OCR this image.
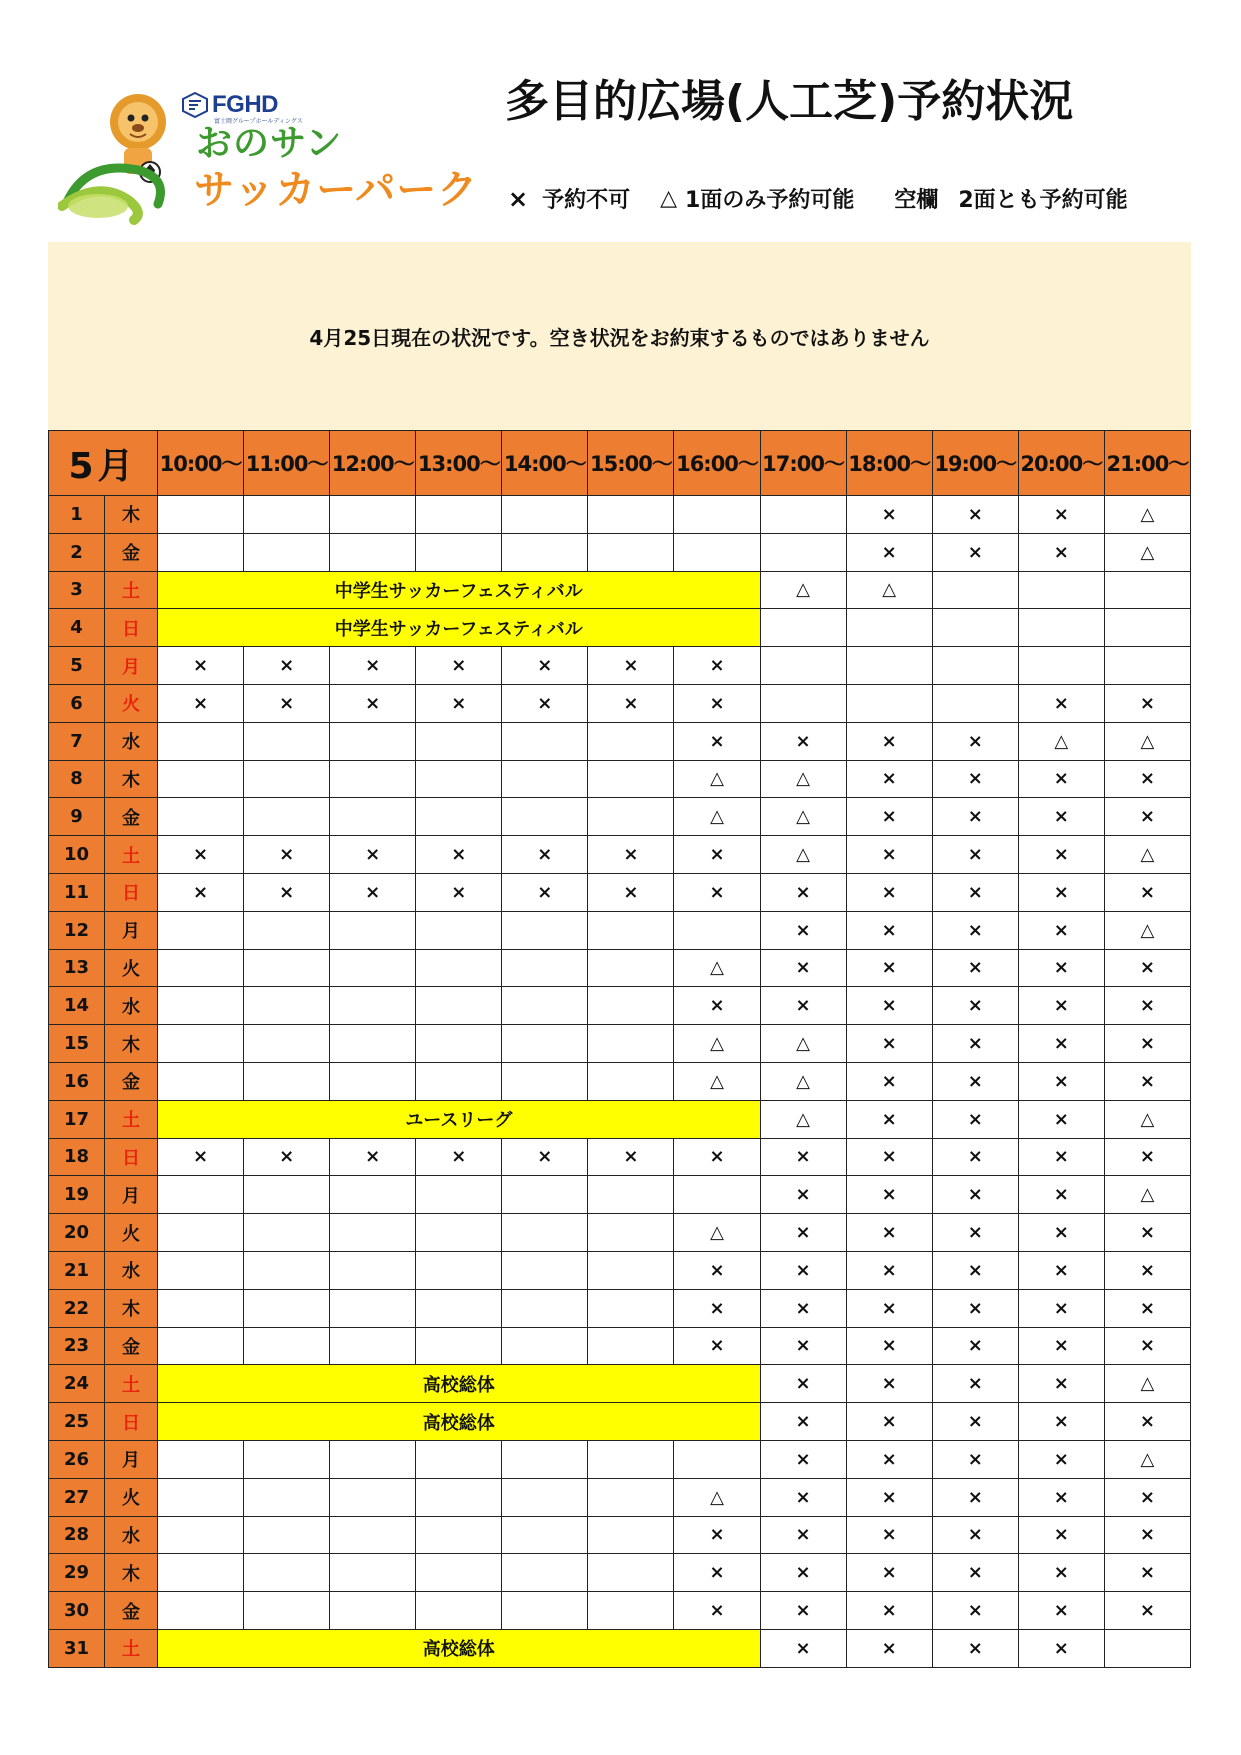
FGHD
富士岡グループホールディングス
おのサン
サッカーパーク
多目的広場(人工芝)予約状況
× 予約不可 △ 1面のみ予約可能 空欄 2面とも予約可能
4月25日現在の状況です。空き状況をお約束するものではありません
5月		10:00～	11:00～	12:00～	13:00～	14:00～	15:00～	16:00～	17:00～	18:00～	19:00～	20:00～	21:00～
1	木									×	×	×	△
2	金									×	×	×	△
3	土	中学生サッカーフェスティバル							△	△			
4	日	中学生サッカーフェスティバル											
5	月	×	×	×	×	×	×	×					
6	火	×	×	×	×	×	×	×				×	×
7	水							×	×	×	×	△	△
8	木							△	△	×	×	×	×
9	金							△	△	×	×	×	×
10	土	×	×	×	×	×	×	×	△	×	×	×	△
11	日	×	×	×	×	×	×	×	×	×	×	×	×
12	月								×	×	×	×	△
13	火							△	×	×	×	×	×
14	水							×	×	×	×	×	×
15	木							△	△	×	×	×	×
16	金							△	△	×	×	×	×
17	土	ユースリーグ							△	×	×	×	△
18	日	×	×	×	×	×	×	×	×	×	×	×	×
19	月								×	×	×	×	△
20	火							△	×	×	×	×	×
21	水							×	×	×	×	×	×
22	木							×	×	×	×	×	×
23	金							×	×	×	×	×	×
24	土	高校総体							×	×	×	×	△
25	日	高校総体							×	×	×	×	×
26	月								×	×	×	×	△
27	火							△	×	×	×	×	×
28	水							×	×	×	×	×	×
29	木							×	×	×	×	×	×
30	金							×	×	×	×	×	×
31	土	高校総体							×	×	×	×	
